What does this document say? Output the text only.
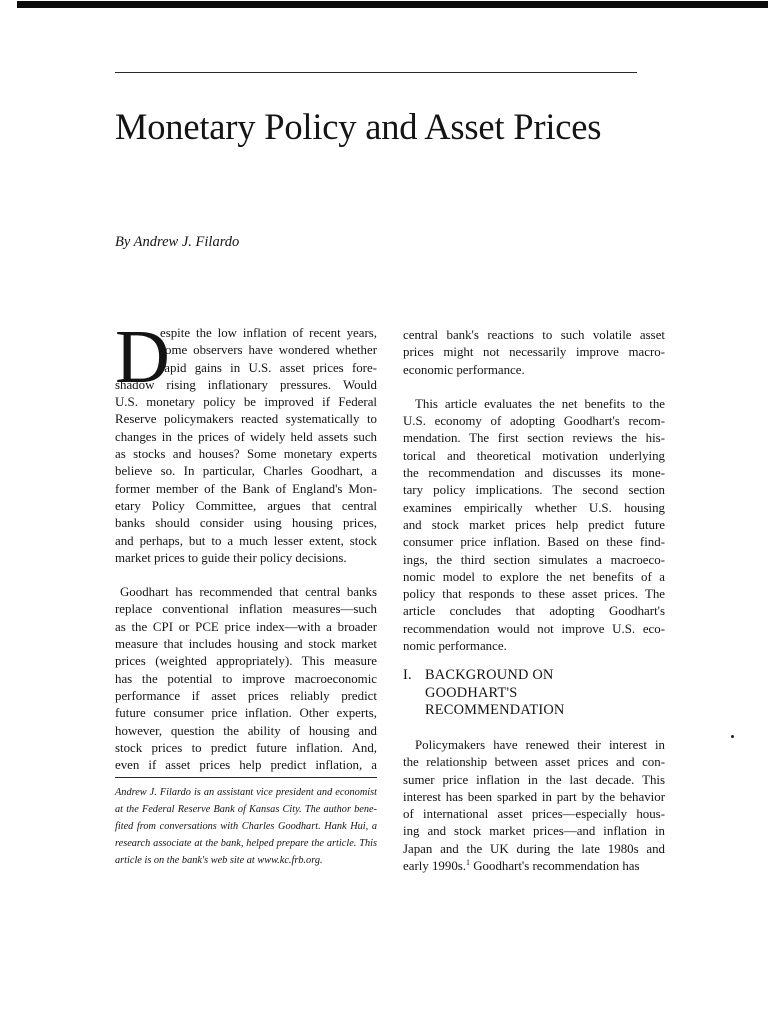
Monetary Policy and Asset Prices

By Andrew J. Filardo

D
espite the low inflation of recent years,
some observers have wondered whether
rapid gains in U.S. asset prices fore-
shadow rising inflationary pressures. Would
U.S. monetary policy be improved if Federal
Reserve policymakers reacted systematically to
changes in the prices of widely held assets such
as stocks and houses? Some monetary experts
believe so. In particular, Charles Goodhart, a
former member of the Bank of England's Mon-
etary Policy Committee, argues that central
banks should consider using housing prices,
and perhaps, but to a much lesser extent, stock
market prices to guide their policy decisions.
Goodhart has recommended that central banks
replace conventional inflation measures—such
as the CPI or PCE price index—with a broader
measure that includes housing and stock market
prices (weighted appropriately). This measure
has the potential to improve macroeconomic
performance if asset prices reliably predict
future consumer price inflation. Other experts,
however, question the ability of housing and
stock prices to predict future inflation. And,
even if asset prices help predict inflation, a
Andrew J. Filardo is an assistant vice president and economist
at the Federal Reserve Bank of Kansas City. The author bene-
fited from conversations with Charles Goodhart. Hank Hui, a
research associate at the bank, helped prepare the article. This
article is on the bank's web site at www.kc.frb.org.
central bank's reactions to such volatile asset
prices might not necessarily improve macro-
economic performance.
This article evaluates the net benefits to the
U.S. economy of adopting Goodhart's recom-
mendation. The first section reviews the his-
torical and theoretical motivation underlying
the recommendation and discusses its mone-
tary policy implications. The second section
examines empirically whether U.S. housing
and stock market prices help predict future
consumer price inflation. Based on these find-
ings, the third section simulates a macroeco-
nomic model to explore the net benefits of a
policy that responds to these asset prices. The
article concludes that adopting Goodhart's
recommendation would not improve U.S. eco-
nomic performance.
I. BACKGROUND ON
GOODHART'S
RECOMMENDATION
Policymakers have renewed their interest in
the relationship between asset prices and con-
sumer price inflation in the last decade. This
interest has been sparked in part by the behavior
of international asset prices—especially hous-
ing and stock market prices—and inflation in
Japan and the UK during the late 1980s and
early 1990s.$^1$ Goodhart's recommendation has
